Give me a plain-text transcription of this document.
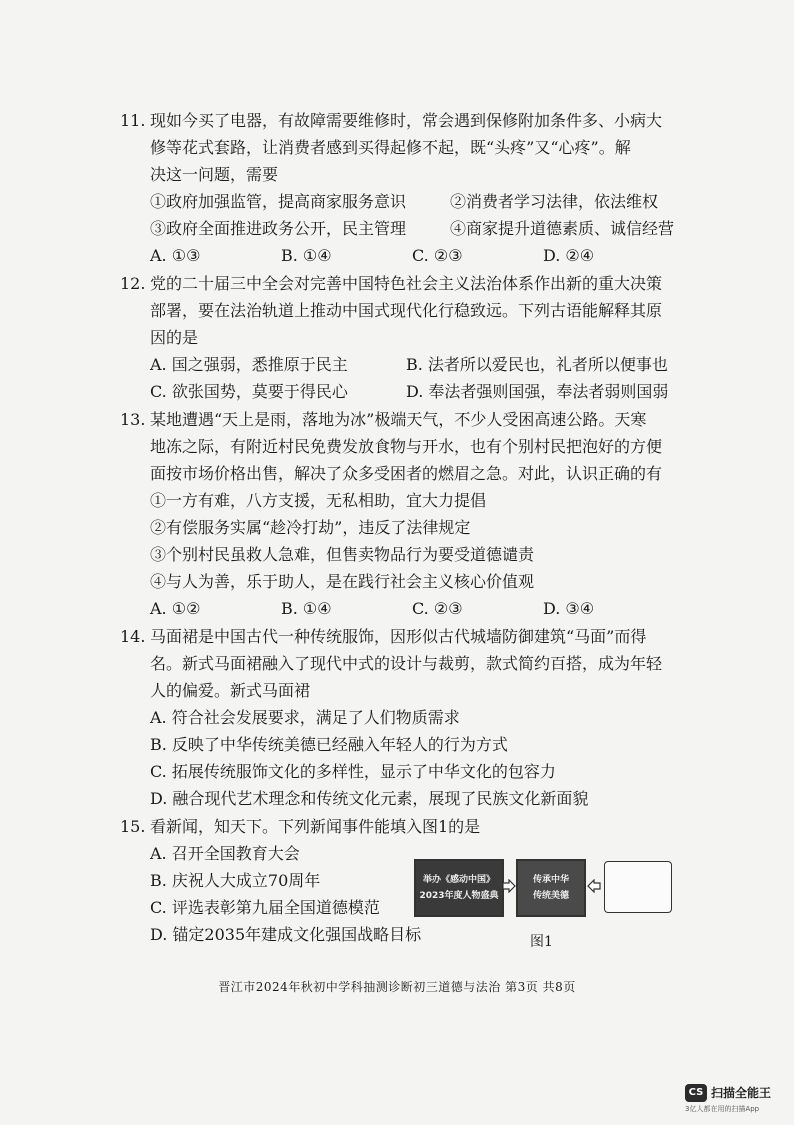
11. 现如今买了电器，有故障需要维修时，常会遇到保修附加条件多、小病大
修等花式套路，让消费者感到买得起修不起，既“头疼”又“心疼”。解
决这一问题，需要
①政府加强监管，提高商家服务意识	②消费者学习法律，依法维权
③政府全面推进政务公开，民主管理	④商家提升道德素质、诚信经营
A. ①③	B. ①④	C. ②③	D. ②④
12. 党的二十届三中全会对完善中国特色社会主义法治体系作出新的重大决策
部署，要在法治轨道上推动中国式现代化行稳致远。下列古语能解释其原
因的是
A. 国之强弱，悉推原于民主	B. 法者所以爱民也，礼者所以便事也
C. 欲张国势，莫要于得民心	D. 奉法者强则国强，奉法者弱则国弱
13. 某地遭遇“天上是雨，落地为冰”极端天气，不少人受困高速公路。天寒
地冻之际，有附近村民免费发放食物与开水，也有个别村民把泡好的方便
面按市场价格出售，解决了众多受困者的燃眉之急。对此，认识正确的有
①一方有难，八方支援，无私相助，宜大力提倡
②有偿服务实属“趁冷打劫”，违反了法律规定
③个别村民虽救人急难，但售卖物品行为要受道德谴责
④与人为善，乐于助人，是在践行社会主义核心价值观
A. ①②	B. ①④	C. ②③	D. ③④
14. 马面裙是中国古代一种传统服饰，因形似古代城墙防御建筑“马面”而得
名。新式马面裙融入了现代中式的设计与裁剪，款式简约百搭，成为年轻
人的偏爱。新式马面裙
A. 符合社会发展要求，满足了人们物质需求
B. 反映了中华传统美德已经融入年轻人的行为方式
C. 拓展传统服饰文化的多样性，显示了中华文化的包容力
D. 融合现代艺术理念和传统文化元素，展现了民族文化新面貌
15. 看新闻，知天下。下列新闻事件能填入图1的是
A. 召开全国教育大会
B. 庆祝人大成立70周年
C. 评选表彰第九届全国道德模范
D. 锚定2035年建成文化强国战略目标
举办《感动中国》
2023年度人物盛典
传承中华
传统美德
图1
晋江市2024年秋初中学科抽测诊断初三道德与法治 第3页 共8页
CS 扫描全能王
3亿人都在用的扫描App
